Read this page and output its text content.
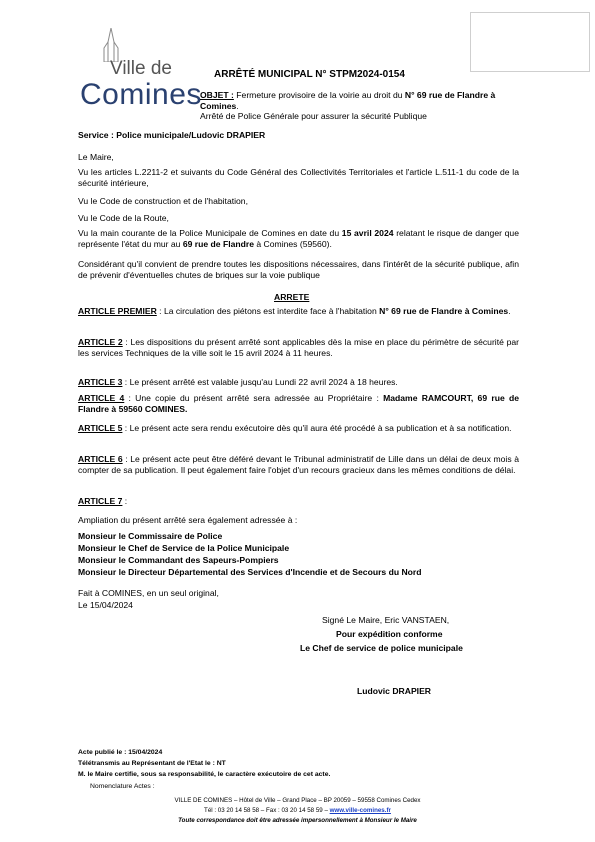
Ville de
Comines
ARRÊTÉ MUNICIPAL N° STPM2024-0154
OBJET : Fermeture provisoire de la voirie au droit du N° 69 rue de Flandre à Comines.
Arrêté de Police Générale pour assurer la sécurité Publique
Service : Police municipale/Ludovic DRAPIER
Le Maire,
Vu les articles L.2211-2 et suivants du Code Général des Collectivités Territoriales et l'article L.511-1 du code de la sécurité intérieure,
Vu le Code de construction et de l'habitation,
Vu le Code de la Route,
Vu la main courante de la Police Municipale de Comines en date du 15 avril 2024 relatant le risque de danger que représente l'état du mur au 69 rue de Flandre à Comines (59560).
Considérant qu'il convient de prendre toutes les dispositions nécessaires, dans l'intérêt de la sécurité publique, afin de prévenir d'éventuelles chutes de briques sur la voie publique
ARRETE
ARTICLE PREMIER : La circulation des piétons est interdite face à l'habitation N° 69 rue de Flandre à Comines.
ARTICLE 2 : Les dispositions du présent arrêté sont applicables dès la mise en place du périmètre de sécurité par les services Techniques de la ville soit le 15 avril 2024 à 11 heures.
ARTICLE 3 : Le présent arrêté est valable jusqu'au Lundi 22 avril 2024 à 18 heures.
ARTICLE 4 : Une copie du présent arrêté sera adressée au Propriétaire : Madame RAMCOURT, 69 rue de Flandre à 59560 COMINES.
ARTICLE 5 : Le présent acte sera rendu exécutoire dès qu'il aura été procédé à sa publication et à sa notification.
ARTICLE 6 : Le présent acte peut être déféré devant le Tribunal administratif de Lille dans un délai de deux mois à compter de sa publication. Il peut également faire l'objet d'un recours gracieux dans les mêmes conditions de délai.
ARTICLE 7 :
Ampliation du présent arrêté sera également adressée à :
Monsieur le Commissaire de Police
Monsieur le Chef de Service de la Police Municipale
Monsieur le Commandant des Sapeurs-Pompiers
Monsieur le Directeur Départemental des Services d'Incendie et de Secours du Nord
Fait à COMINES, en un seul original,
Le 15/04/2024
Signé Le Maire, Eric VANSTAEN,
Pour expédition conforme
Le Chef de service de police municipale
Ludovic DRAPIER
Acte publié le : 15/04/2024
Télétransmis au Représentant de l'Etat le : NT
M. le Maire certifie, sous sa responsabilité, le caractère exécutoire de cet acte.
Nomenclature Actes :
VILLE DE COMINES – Hôtel de Ville – Grand Place – BP 20059 – 59558 Comines Cedex
Tél : 03 20 14 58 58 – Fax : 03 20 14 58 59 – www.ville-comines.fr
Toute correspondance doit être adressée impersonnellement à Monsieur le Maire
